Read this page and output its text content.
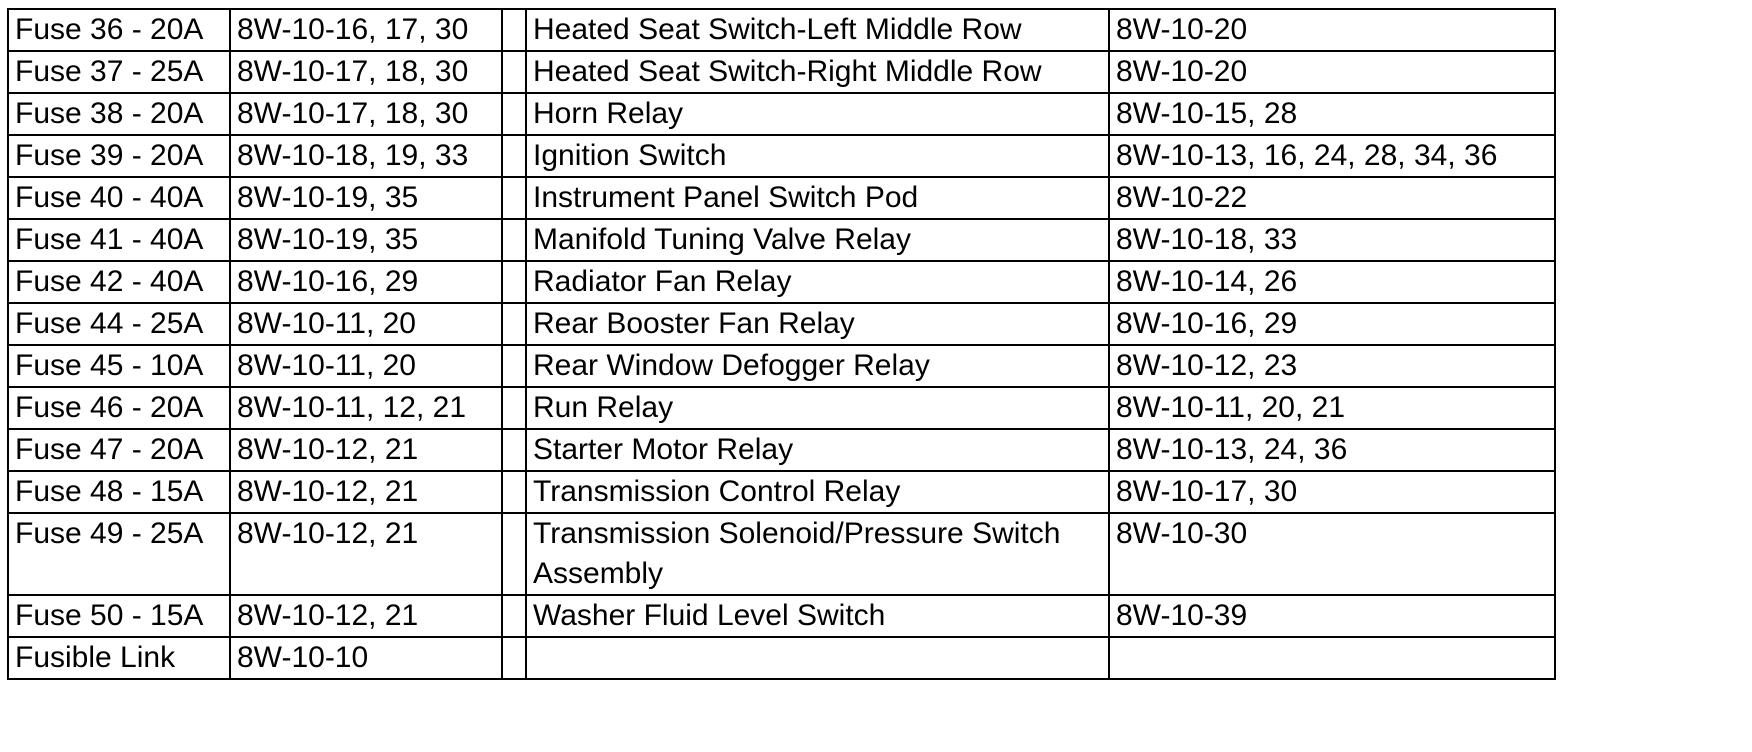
Fuse 36 - 20A	8W-10-16, 17, 30		Heated Seat Switch-Left Middle Row	8W-10-20
Fuse 37 - 25A	8W-10-17, 18, 30		Heated Seat Switch-Right Middle Row	8W-10-20
Fuse 38 - 20A	8W-10-17, 18, 30		Horn Relay	8W-10-15, 28
Fuse 39 - 20A	8W-10-18, 19, 33		Ignition Switch	8W-10-13, 16, 24, 28, 34, 36
Fuse 40 - 40A	8W-10-19, 35		Instrument Panel Switch Pod	8W-10-22
Fuse 41 - 40A	8W-10-19, 35		Manifold Tuning Valve Relay	8W-10-18, 33
Fuse 42 - 40A	8W-10-16, 29		Radiator Fan Relay	8W-10-14, 26
Fuse 44 - 25A	8W-10-11, 20		Rear Booster Fan Relay	8W-10-16, 29
Fuse 45 - 10A	8W-10-11, 20		Rear Window Defogger Relay	8W-10-12, 23
Fuse 46 - 20A	8W-10-11, 12, 21		Run Relay	8W-10-11, 20, 21
Fuse 47 - 20A	8W-10-12, 21		Starter Motor Relay	8W-10-13, 24, 36
Fuse 48 - 15A	8W-10-12, 21		Transmission Control Relay	8W-10-17, 30
Fuse 49 - 25A	8W-10-12, 21		Transmission Solenoid/Pressure Switch Assembly	8W-10-30
Fuse 50 - 15A	8W-10-12, 21		Washer Fluid Level Switch	8W-10-39
Fusible Link	8W-10-10			
